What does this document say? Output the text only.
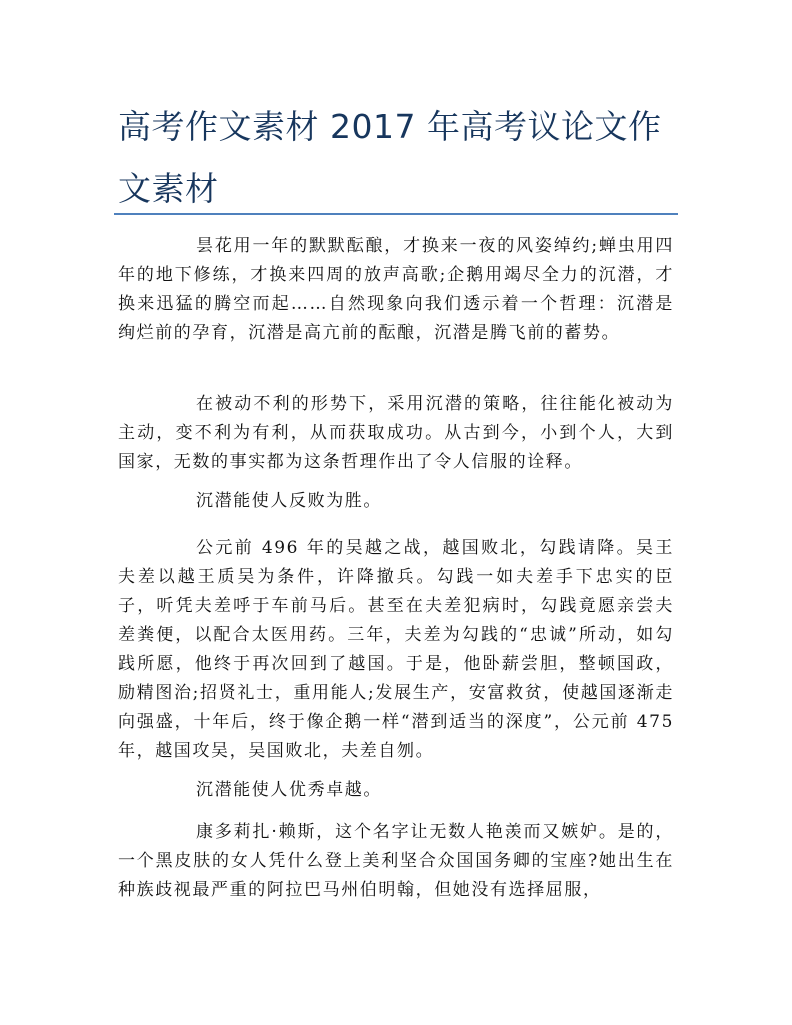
高考作文素材 2017 年高考议论文作文素材

昙花用一年的默默酝酿，才换来一夜的风姿绰约;蝉虫用四年的地下修练，才换来四周的放声高歌;企鹅用竭尽全力的沉潜，才换来迅猛的腾空而起……自然现象向我们透示着一个哲理：沉潜是绚烂前的孕育，沉潜是高亢前的酝酿，沉潜是腾飞前的蓄势。

在被动不利的形势下，采用沉潜的策略，往往能化被动为主动，变不利为有利，从而获取成功。从古到今，小到个人，大到国家，无数的事实都为这条哲理作出了令人信服的诠释。

沉潜能使人反败为胜。

公元前 496 年的吴越之战，越国败北，勾践请降。吴王夫差以越王质吴为条件，许降撤兵。勾践一如夫差手下忠实的臣子，听凭夫差呼于车前马后。甚至在夫差犯病时，勾践竟愿亲尝夫差粪便，以配合太医用药。三年，夫差为勾践的“忠诚”所动，如勾践所愿，他终于再次回到了越国。于是，他卧薪尝胆，整顿国政，励精图治;招贤礼士，重用能人;发展生产，安富救贫，使越国逐渐走向强盛，十年后，终于像企鹅一样“潜到适当的深度”，公元前 475 年，越国攻吴，吴国败北，夫差自刎。

沉潜能使人优秀卓越。

康多莉扎·赖斯，这个名字让无数人艳羡而又嫉妒。是的，一个黑皮肤的女人凭什么登上美利坚合众国国务卿的宝座?她出生在种族歧视最严重的阿拉巴马州伯明翰，但她没有选择屈服，
